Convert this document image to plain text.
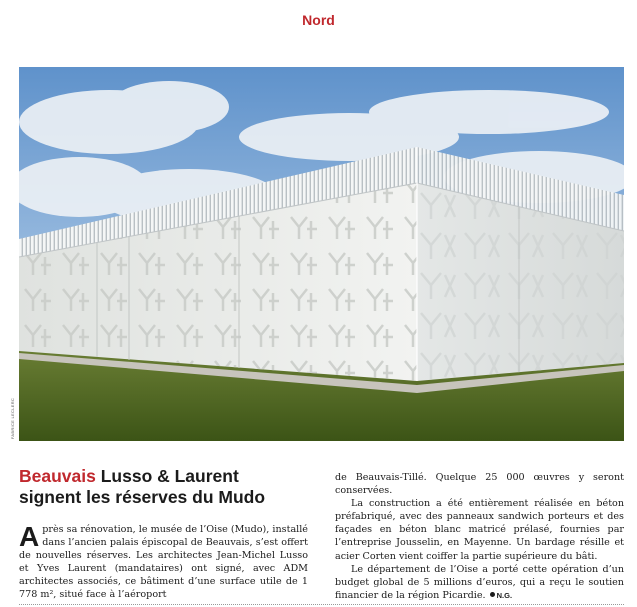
Nord
FABRICE LECLERC
Beauvais Lusso & Laurent
signent les réserves du Mudo
Après sa rénovation, le musée de l’Oise (Mudo), installé dans l’ancien palais épiscopal de Beauvais, s’est offert de nouvelles réserves. Les architectes Jean-Michel Lusso et Yves Laurent (mandataires) ont signé, avec ADM architectes associés, ce bâtiment d’une surface utile de 1 778 m², situé face à l’aéroport

de Beauvais-Tillé. Quelque 25 000 œuvres y seront conservées.

La construction a été entièrement réalisée en béton préfabriqué, avec des panneaux sandwich porteurs et des façades en béton blanc matricé prélasé, fournies par l’entreprise Jousselin, en Mayenne. Un bardage résille et acier Corten vient coiffer la partie supérieure du bâti.

Le département de l’Oise a porté cette opération d’un budget global de 5 millions d’euros, qui a reçu le soutien financier de la région Picardie. N.G.
